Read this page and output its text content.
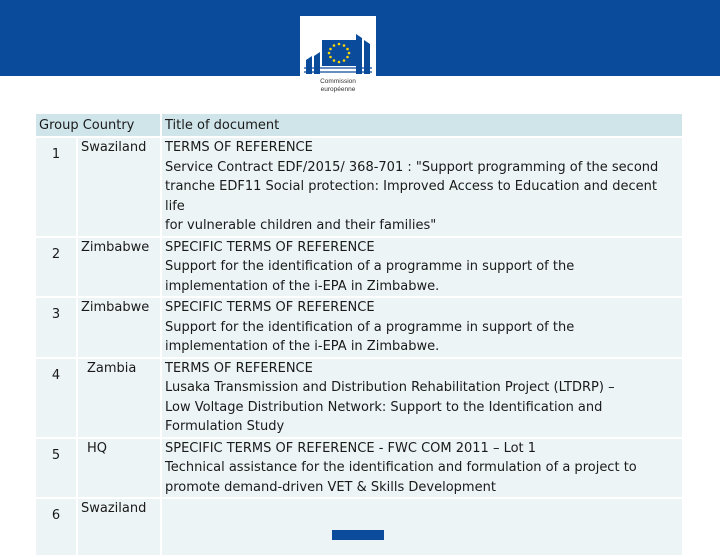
Commission
européenne
Group Country		Title of document
1	Swaziland	TERMS OF REFERENCE
Service Contract EDF/2015/ 368-701 : "Support programming of the second
tranche EDF11 Social protection: Improved Access to Education and decent life
for vulnerable children and their families"

2	Zimbabwe	SPECIFIC TERMS OF REFERENCE
Support for the identification of a programme in support of the
implementation of the i-EPA in Zimbabwe.

3	Zimbabwe	SPECIFIC TERMS OF REFERENCE
Support for the identification of a programme in support of the
implementation of the i-EPA in Zimbabwe.

4	Zambia	TERMS OF REFERENCE
Lusaka Transmission and Distribution Rehabilitation Project (LTDRP) –
Low Voltage Distribution Network: Support to the Identification and
Formulation Study

5	HQ	SPECIFIC TERMS OF REFERENCE - FWC COM 2011 – Lot 1
Technical assistance for the identification and formulation of a project to
promote demand-driven VET & Skills Development

6	Swaziland	
